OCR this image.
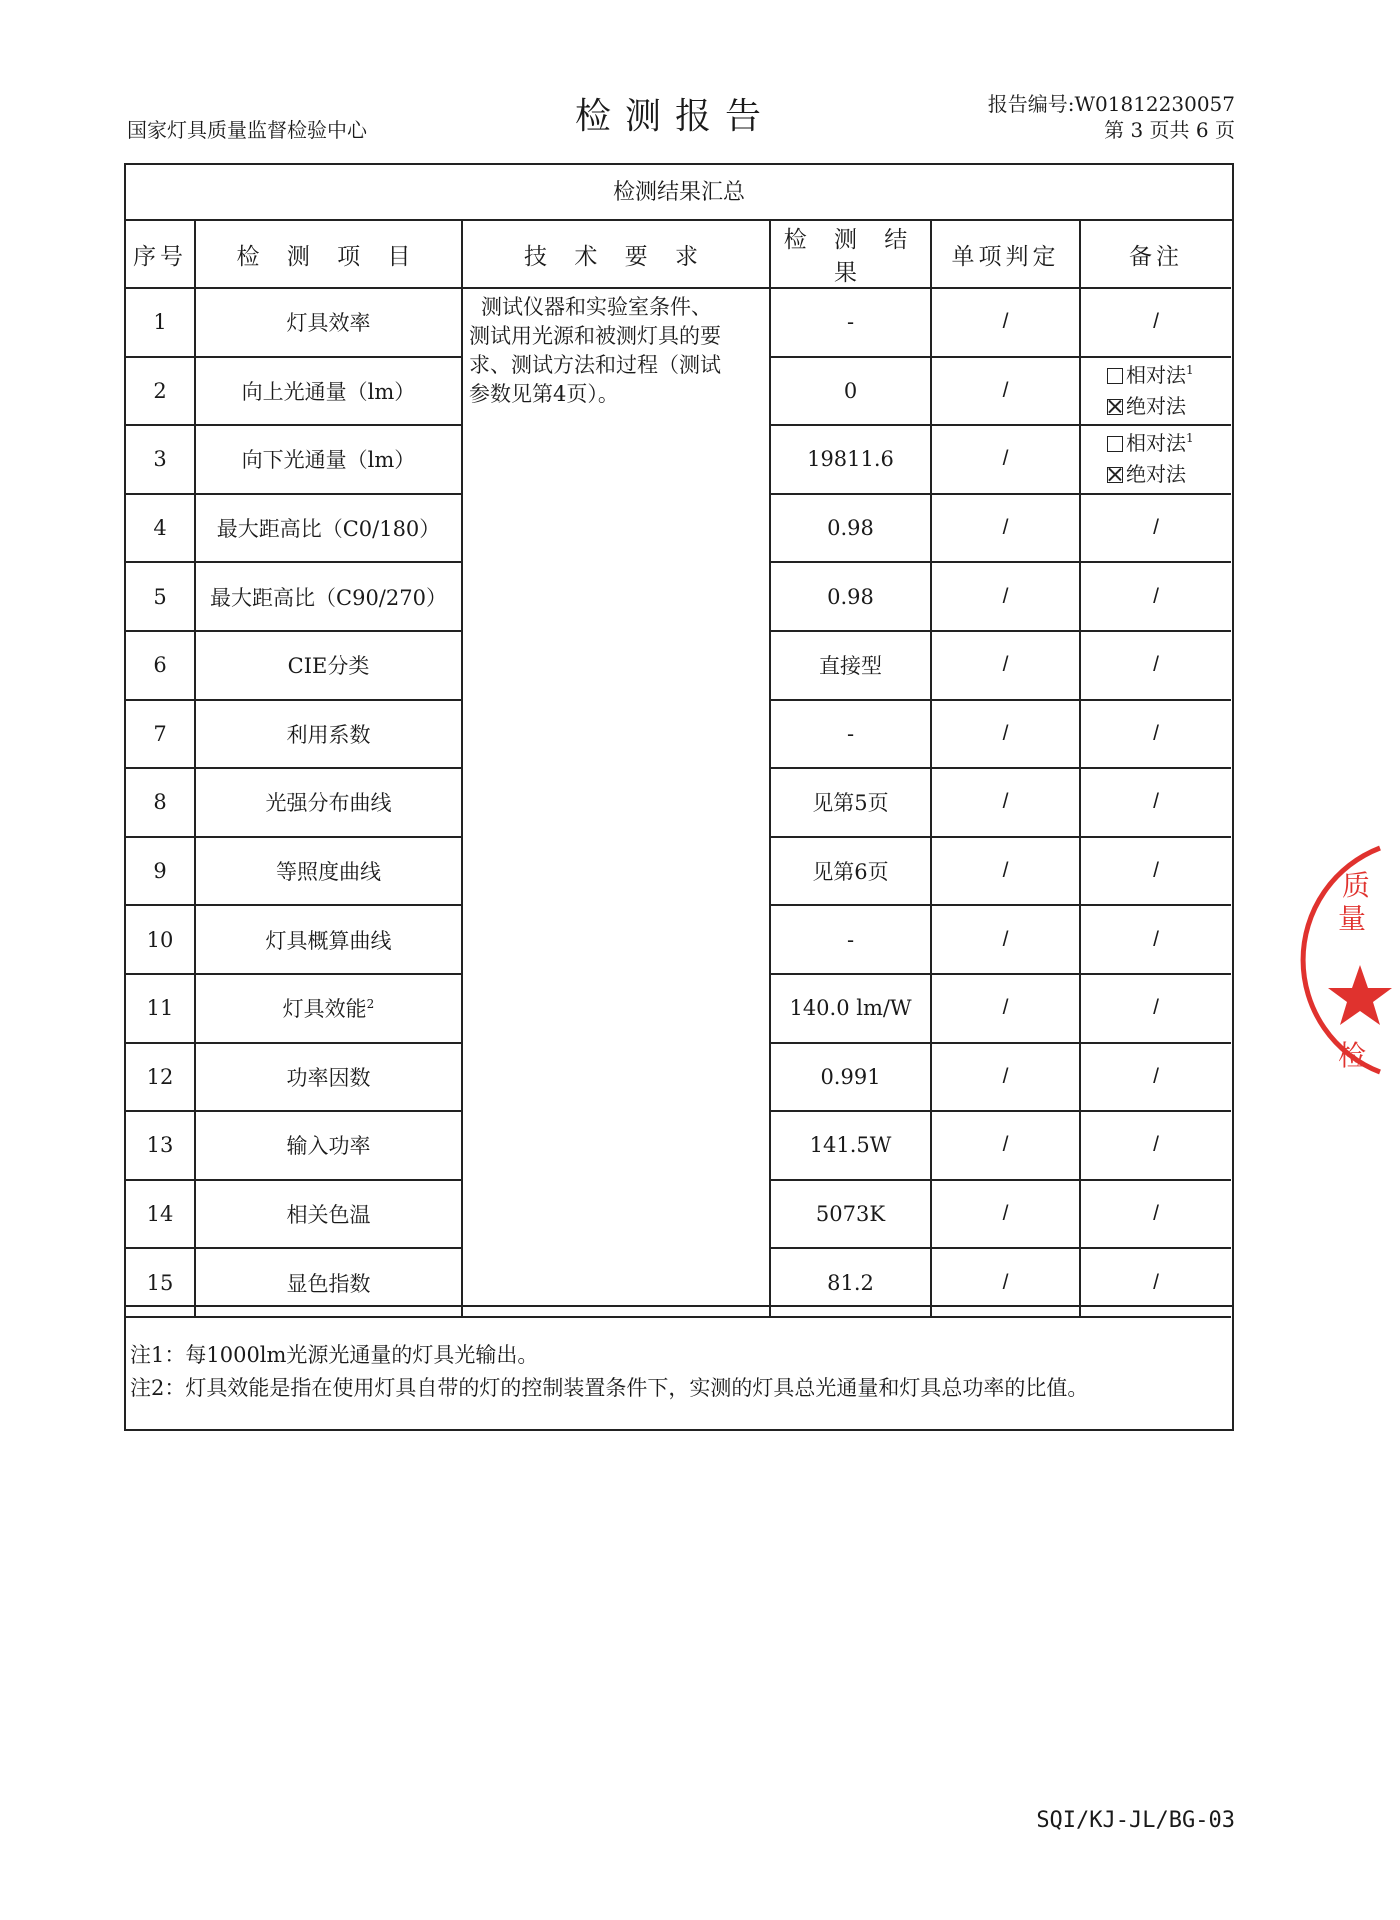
国家灯具质量监督检验中心	检测报告	报告编号:W01812230057
第 3 页共 6 页
检测结果汇总
序号	检 测 项 目	技 术 要 求	检 测 结 果	单项判定	备注
1	灯具效率	测试仪器和实验室条件、
测试用光源和被测灯具的要
求、测试方法和过程（测试
参数见第4页）。	-	/	/
2	向上光通量（lm）		0	/	相对法$^1$
绝对法

3	向下光通量（lm）		19811.6	/	相对法$^1$
绝对法

4	最大距高比（C0/180）		0.98	/	/
5	最大距高比（C90/270）		0.98	/	/
6	CIE分类		直接型	/	/
7	利用系数		-	/	/
8	光强分布曲线		见第5页	/	/
9	等照度曲线		见第6页	/	/
10	灯具概算曲线		-	/	/
11	灯具效能$^2$		140.0 lm/W	/	/
12	功率因数		0.991	/	/
13	输入功率		141.5W	/	/
14	相关色温		5073K	/	/
15	显色指数		81.2	/	/
注1：每1000lm光源光通量的灯具光输出。
注2：灯具效能是指在使用灯具自带的灯的控制装置条件下，实测的灯具总光通量和灯具总功率的比值。
SQI/KJ-JL/BG-03
质
量
检
